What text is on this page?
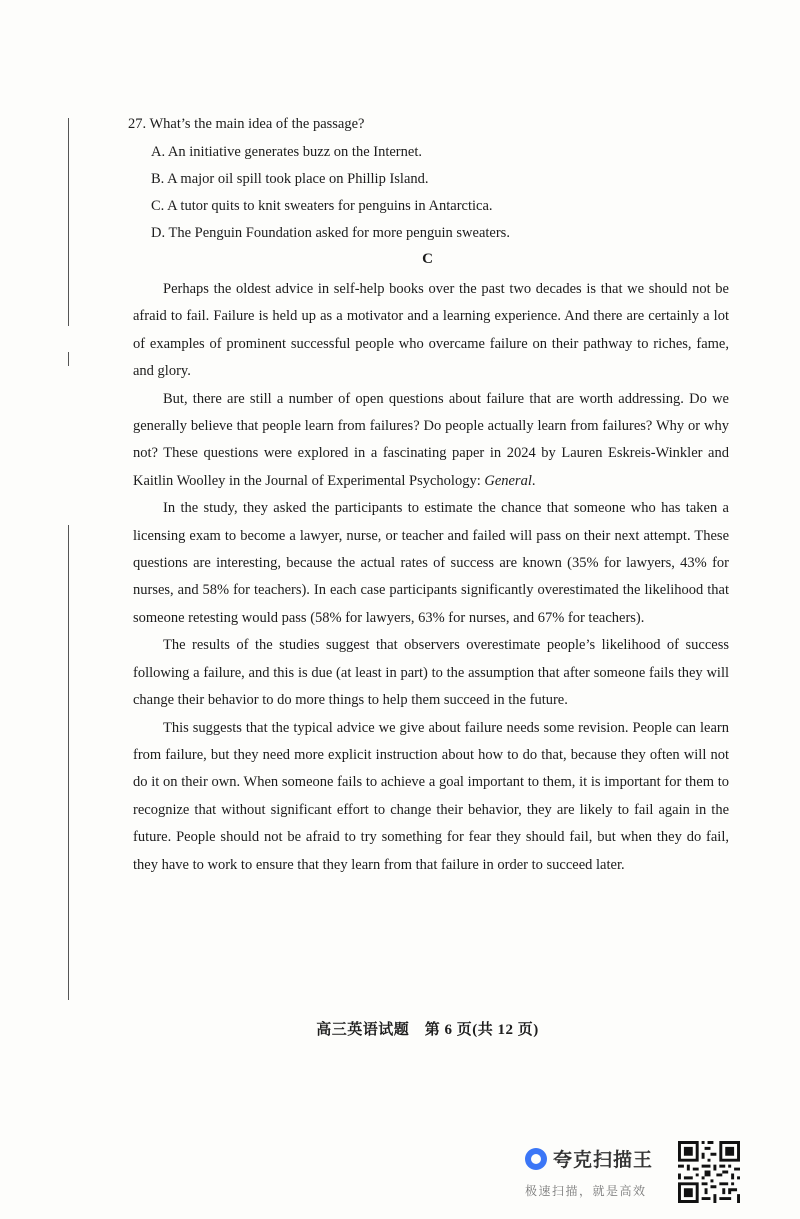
27. What’s the main idea of the passage?
A. An initiative generates buzz on the Internet.
B. A major oil spill took place on Phillip Island.
C. A tutor quits to knit sweaters for penguins in Antarctica.
D. The Penguin Foundation asked for more penguin sweaters.
C

Perhaps the oldest advice in self-help books over the past two decades is that we should not be afraid to fail. Failure is held up as a motivator and a learning experience. And there are certainly a lot of examples of prominent successful people who overcame failure on their pathway to riches, fame, and glory.

But, there are still a number of open questions about failure that are worth addressing. Do we generally believe that people learn from failures? Do people actually learn from failures? Why or why not? These questions were explored in a fascinating paper in 2024 by Lauren Eskreis-Winkler and Kaitlin Woolley in the Journal of Experimental Psychology: General.

In the study, they asked the participants to estimate the chance that someone who has taken a licensing exam to become a lawyer, nurse, or teacher and failed will pass on their next attempt. These questions are interesting, because the actual rates of success are known (35% for lawyers, 43% for nurses, and 58% for teachers). In each case participants significantly overestimated the likelihood that someone retesting would pass (58% for lawyers, 63% for nurses, and 67% for teachers).

The results of the studies suggest that observers overestimate people’s likelihood of success following a failure, and this is due (at least in part) to the assumption that after someone fails they will change their behavior to do more things to help them succeed in the future.

This suggests that the typical advice we give about failure needs some revision. People can learn from failure, but they need more explicit instruction about how to do that, because they often will not do it on their own. When someone fails to achieve a goal important to them, it is important for them to recognize that without significant effort to change their behavior, they are likely to fail again in the future. People should not be afraid to try something for fear they should fail, but when they do fail, they have to work to ensure that they learn from that failure in order to succeed later.

高三英语试题　第 6 页(共 12 页)
夸克扫描王
极速扫描，就是高效
